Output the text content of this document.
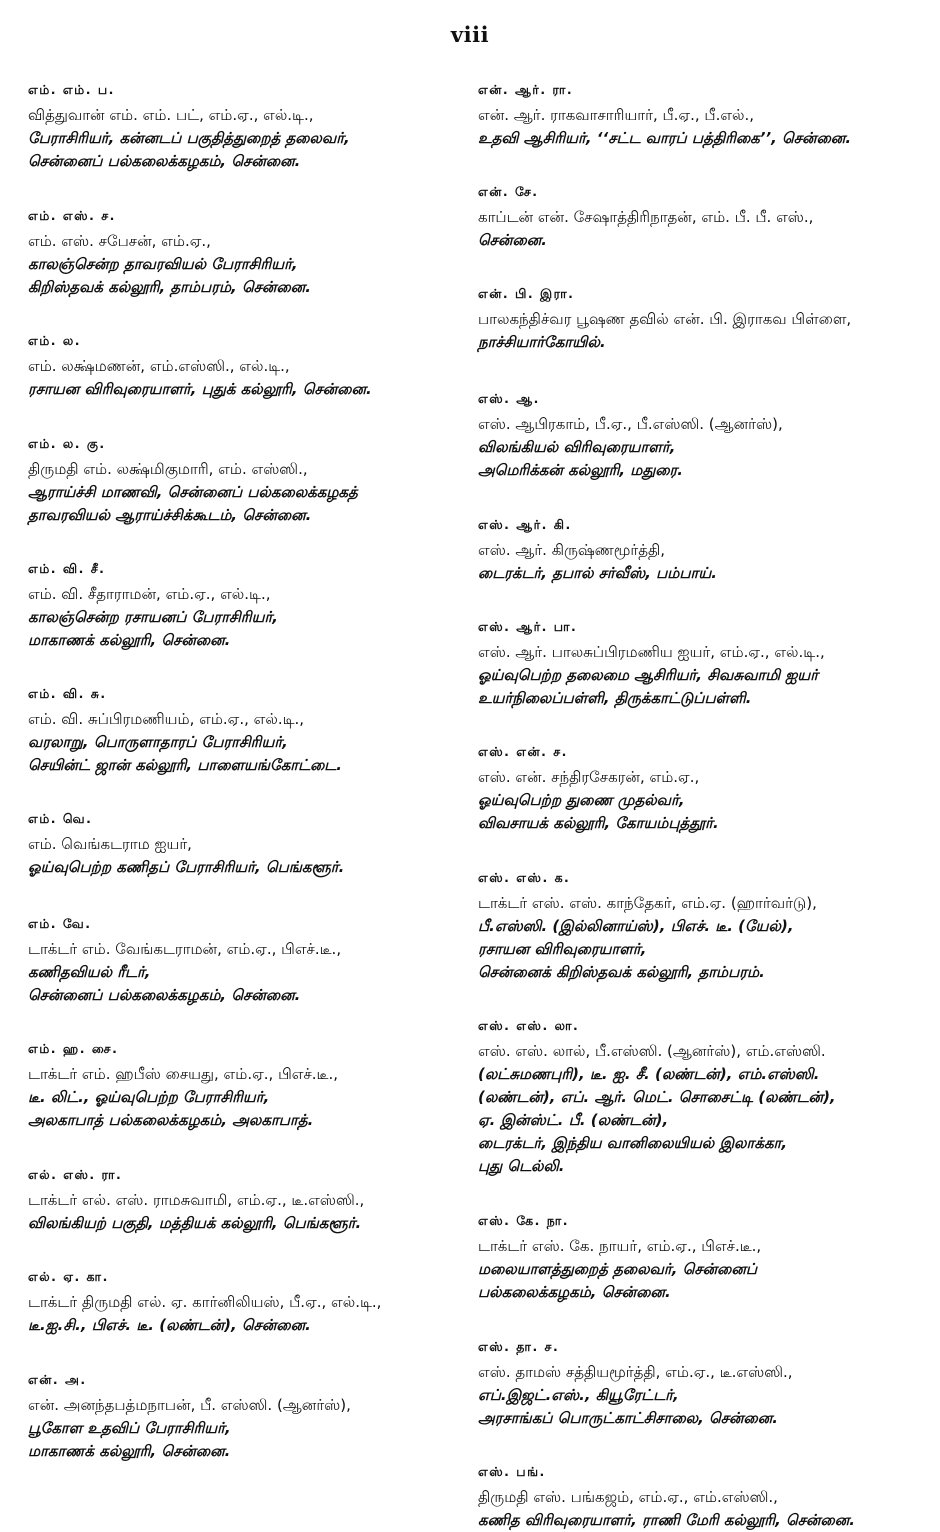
viii
எம். எம். ப.
வித்துவான் எம். எம். பட், எம்.ஏ., எல்.டி.,
பேராசிரியர், கன்னடப் பகுதித்துறைத் தலைவர்,
சென்னைப் பல்கலைக்கழகம், சென்னை.
எம். எஸ். ச.
எம். எஸ். சபேசன், எம்.ஏ.,
காலஞ்சென்ற தாவரவியல் பேராசிரியர்,
கிறிஸ்தவக் கல்லூரி, தாம்பரம், சென்னை.
எம். ல.
எம். லக்ஷ்மணன், எம்.எஸ்ஸி., எல்.டி.,
ரசாயன விரிவுரையாளர், புதுக் கல்லூரி, சென்னை.
எம். ல. கு.
திருமதி எம். லக்ஷ்மிகுமாரி, எம். எஸ்ஸி.,
ஆராய்ச்சி மாணவி, சென்னைப் பல்கலைக்கழகத்
தாவரவியல் ஆராய்ச்சிக்கூடம், சென்னை.
எம். வி. சீ.
எம். வி. சீதாராமன், எம்.ஏ., எல்.டி.,
காலஞ்சென்ற ரசாயனப் பேராசிரியர்,
மாகாணக் கல்லூரி, சென்னை.
எம். வி. சு.
எம். வி. சுப்பிரமணியம், எம்.ஏ., எல்.டி.,
வரலாறு, பொருளாதாரப் பேராசிரியர்,
செயின்ட் ஜான் கல்லூரி, பாளையங்கோட்டை.
எம். வெ.
எம். வெங்கடராம ஐயர்,
ஓய்வுபெற்ற கணிதப் பேராசிரியர், பெங்களூர்.
எம். வே.
டாக்டர் எம். வேங்கடராமன், எம்.ஏ., பிஎச்.டீ.,
கணிதவியல் ரீடர்,
சென்னைப் பல்கலைக்கழகம், சென்னை.
எம். ஹ. சை.
டாக்டர் எம். ஹபீஸ் சையது, எம்.ஏ., பிஎச்.டீ.,
டீ. லிட்., ஓய்வுபெற்ற பேராசிரியர்,
அலகாபாத் பல்கலைக்கழகம், அலகாபாத்.
எல். எஸ். ரா.
டாக்டர் எல். எஸ். ராமசுவாமி, எம்.ஏ., டீ.எஸ்ஸி.,
விலங்கியற் பகுதி, மத்தியக் கல்லூரி, பெங்களூர்.
எல். ஏ. கா.
டாக்டர் திருமதி எல். ஏ. கார்னிலியஸ், பீ.ஏ., எல்.டி.,
டீ.ஐ.சி., பிஎச். டீ. (லண்டன்), சென்னை.
என். அ.
என். அனந்தபத்மநாபன், பீ. எஸ்ஸி. (ஆனர்ஸ்),
பூகோள உதவிப் பேராசிரியர்,
மாகாணக் கல்லூரி, சென்னை.
என். ஆர். ரா.
என். ஆர். ராகவாசாரியார், பீ.ஏ., பீ.எல்.,
உதவி ஆசிரியர், ‘‘சட்ட வாரப் பத்திரிகை’’, சென்னை.
என். சே.
காப்டன் என். சேஷாத்திரிநாதன், எம். பீ. பீ. எஸ்.,
சென்னை.
என். பி. இரா.
பாலகந்திச்வர பூஷண தவில் என். பி. இராகவ பிள்ளை,
நாச்சியார்கோயில்.
எஸ். ஆ.
எஸ். ஆபிரகாம், பீ.ஏ., பீ.எஸ்ஸி. (ஆனர்ஸ்),
விலங்கியல் விரிவுரையாளர்,
அமெரிக்கன் கல்லூரி, மதுரை.
எஸ். ஆர். கி.
எஸ். ஆர். கிருஷ்ணமூர்த்தி,
டைரக்டர், தபால் சர்வீஸ், பம்பாய்.
எஸ். ஆர். பா.
எஸ். ஆர். பாலசுப்பிரமணிய ஐயர், எம்.ஏ., எல்.டி.,
ஓய்வுபெற்ற தலைமை ஆசிரியர், சிவசுவாமி ஐயர்
உயர்நிலைப்பள்ளி, திருக்காட்டுப்பள்ளி.
எஸ். என். ச.
எஸ். என். சந்திரசேகரன், எம்.ஏ.,
ஓய்வுபெற்ற துணை முதல்வர்,
விவசாயக் கல்லூரி, கோயம்புத்தூர்.
எஸ். எஸ். க.
டாக்டர் எஸ். எஸ். காந்தேகர், எம்.ஏ. (ஹார்வர்டு),
பீ.எஸ்ஸி. (இல்லினாய்ஸ்), பிஎச். டீ. (யேல்),
ரசாயன விரிவுரையாளர்,
சென்னைக் கிறிஸ்தவக் கல்லூரி, தாம்பரம்.
எஸ். எஸ். லா.
எஸ். எஸ். லால், பீ.எஸ்ஸி. (ஆனர்ஸ்), எம்.எஸ்ஸி.
(லட்சுமணபுரி), டீ. ஐ. சீ. (லண்டன்), எம்.எஸ்ஸி.
(லண்டன்), எப். ஆர். மெட். சொசைட்டி (லண்டன்),
ஏ. இன்ஸ்ட். பீ. (லண்டன்),
டைரக்டர், இந்திய வானிலையியல் இலாக்கா,
புது டெல்லி.
எஸ். கே. நா.
டாக்டர் எஸ். கே. நாயர், எம்.ஏ., பிஎச்.டீ.,
மலையாளத்துறைத் தலைவர், சென்னைப்
பல்கலைக்கழகம், சென்னை.
எஸ். தா. ச.
எஸ். தாமஸ் சத்தியமூர்த்தி, எம்.ஏ., டீ.எஸ்ஸி.,
எப்.இஜட்.எஸ்., கியூரேட்டர்,
அரசாங்கப் பொருட்காட்சிசாலை, சென்னை.
எஸ். பங்.
திருமதி எஸ். பங்கஜம், எம்.ஏ., எம்.எஸ்ஸி.,
கணித விரிவுரையாளர், ராணி மேரி கல்லூரி, சென்னை.
